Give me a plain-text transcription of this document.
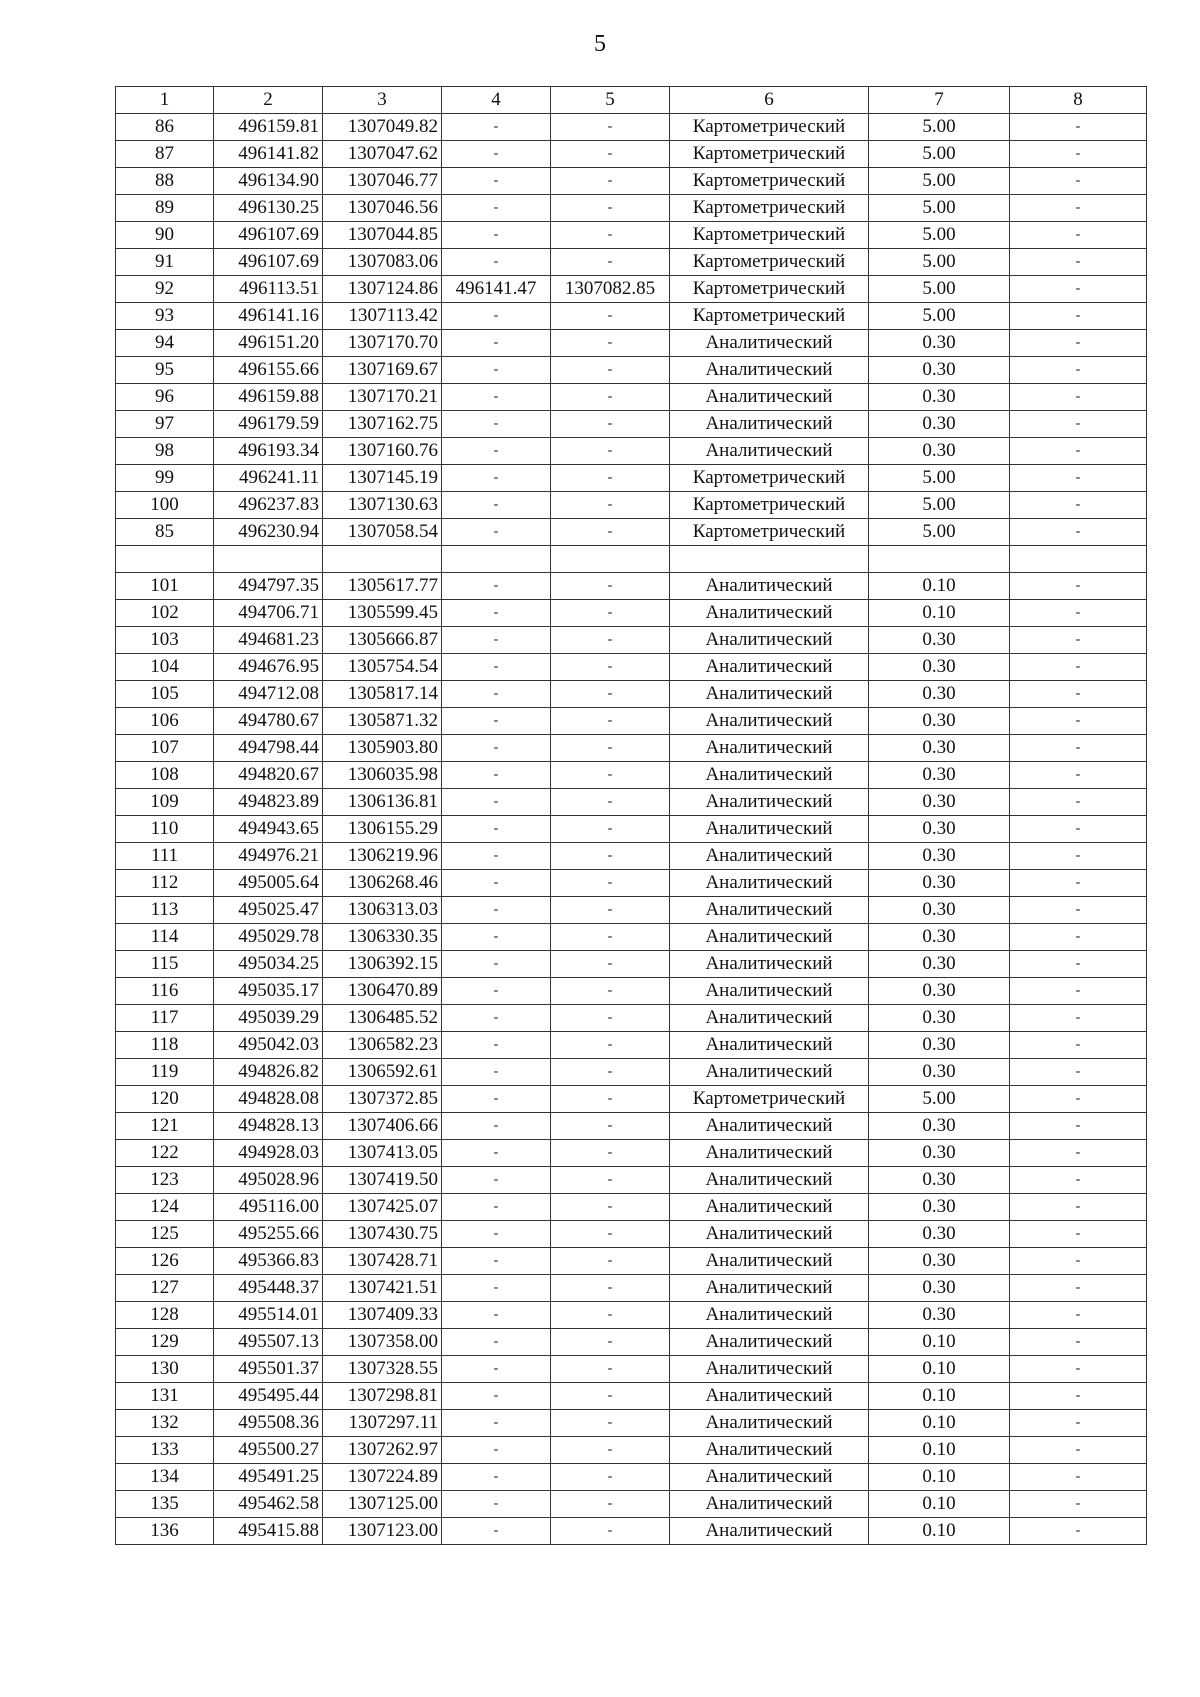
5
1	2	3	4	5	6	7	8
86	496159.81	1307049.82	-	-	Картометрический	5.00	-
87	496141.82	1307047.62	-	-	Картометрический	5.00	-
88	496134.90	1307046.77	-	-	Картометрический	5.00	-
89	496130.25	1307046.56	-	-	Картометрический	5.00	-
90	496107.69	1307044.85	-	-	Картометрический	5.00	-
91	496107.69	1307083.06	-	-	Картометрический	5.00	-
92	496113.51	1307124.86	496141.47	1307082.85	Картометрический	5.00	-
93	496141.16	1307113.42	-	-	Картометрический	5.00	-
94	496151.20	1307170.70	-	-	Аналитический	0.30	-
95	496155.66	1307169.67	-	-	Аналитический	0.30	-
96	496159.88	1307170.21	-	-	Аналитический	0.30	-
97	496179.59	1307162.75	-	-	Аналитический	0.30	-
98	496193.34	1307160.76	-	-	Аналитический	0.30	-
99	496241.11	1307145.19	-	-	Картометрический	5.00	-
100	496237.83	1307130.63	-	-	Картометрический	5.00	-
85	496230.94	1307058.54	-	-	Картометрический	5.00	-

101	494797.35	1305617.77	-	-	Аналитический	0.10	-
102	494706.71	1305599.45	-	-	Аналитический	0.10	-
103	494681.23	1305666.87	-	-	Аналитический	0.30	-
104	494676.95	1305754.54	-	-	Аналитический	0.30	-
105	494712.08	1305817.14	-	-	Аналитический	0.30	-
106	494780.67	1305871.32	-	-	Аналитический	0.30	-
107	494798.44	1305903.80	-	-	Аналитический	0.30	-
108	494820.67	1306035.98	-	-	Аналитический	0.30	-
109	494823.89	1306136.81	-	-	Аналитический	0.30	-
110	494943.65	1306155.29	-	-	Аналитический	0.30	-
111	494976.21	1306219.96	-	-	Аналитический	0.30	-
112	495005.64	1306268.46	-	-	Аналитический	0.30	-
113	495025.47	1306313.03	-	-	Аналитический	0.30	-
114	495029.78	1306330.35	-	-	Аналитический	0.30	-
115	495034.25	1306392.15	-	-	Аналитический	0.30	-
116	495035.17	1306470.89	-	-	Аналитический	0.30	-
117	495039.29	1306485.52	-	-	Аналитический	0.30	-
118	495042.03	1306582.23	-	-	Аналитический	0.30	-
119	494826.82	1306592.61	-	-	Аналитический	0.30	-
120	494828.08	1307372.85	-	-	Картометрический	5.00	-
121	494828.13	1307406.66	-	-	Аналитический	0.30	-
122	494928.03	1307413.05	-	-	Аналитический	0.30	-
123	495028.96	1307419.50	-	-	Аналитический	0.30	-
124	495116.00	1307425.07	-	-	Аналитический	0.30	-
125	495255.66	1307430.75	-	-	Аналитический	0.30	-
126	495366.83	1307428.71	-	-	Аналитический	0.30	-
127	495448.37	1307421.51	-	-	Аналитический	0.30	-
128	495514.01	1307409.33	-	-	Аналитический	0.30	-
129	495507.13	1307358.00	-	-	Аналитический	0.10	-
130	495501.37	1307328.55	-	-	Аналитический	0.10	-
131	495495.44	1307298.81	-	-	Аналитический	0.10	-
132	495508.36	1307297.11	-	-	Аналитический	0.10	-
133	495500.27	1307262.97	-	-	Аналитический	0.10	-
134	495491.25	1307224.89	-	-	Аналитический	0.10	-
135	495462.58	1307125.00	-	-	Аналитический	0.10	-
136	495415.88	1307123.00	-	-	Аналитический	0.10	-
